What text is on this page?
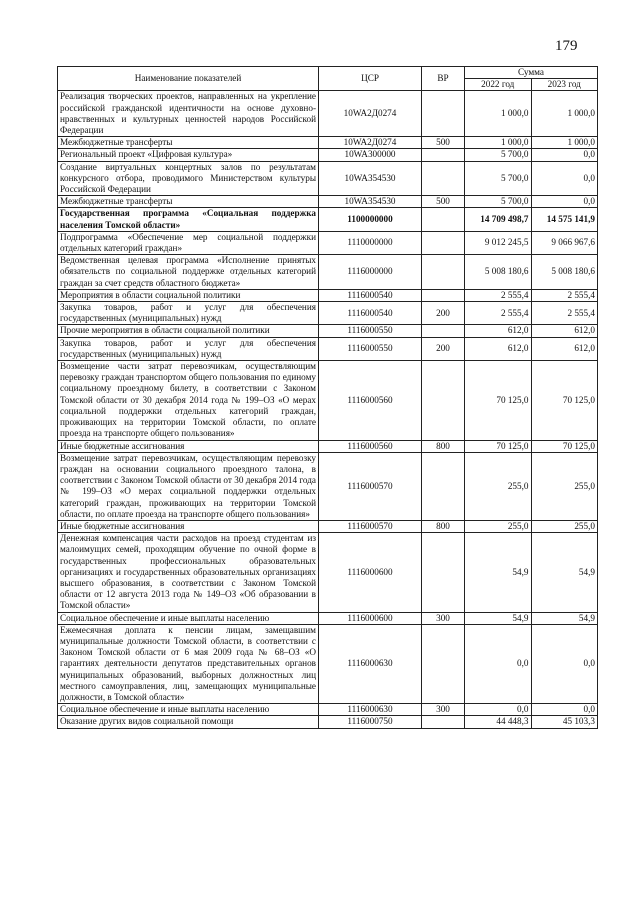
179
Наименование показателей	ЦСР	ВР	Сумма	
			2022 год	2023 год
Реализация творческих проектов, направленных на укрепление российской гражданской идентичности на основе духовно-нравственных и культурных ценностей народов Российской Федерации	10WA2Д0274		1 000,0	1 000,0
Межбюджетные трансферты	10WA2Д0274	500	1 000,0	1 000,0
Региональный проект «Цифровая культура»	10WA300000		5 700,0	0,0
Создание виртуальных концертных залов по результатам конкурсного отбора, проводимого Министерством культуры Российской Федерации	10WA354530		5 700,0	0,0
Межбюджетные трансферты	10WA354530	500	5 700,0	0,0
Государственная программа «Социальная поддержка населения Томской области»	1100000000		14 709 498,7	14 575 141,9
Подпрограмма «Обеспечение мер социальной поддержки отдельных категорий граждан»	1110000000		9 012 245,5	9 066 967,6
Ведомственная целевая программа «Исполнение принятых обязательств по социальной поддержке отдельных категорий граждан за счет средств областного бюджета»	1116000000		5 008 180,6	5 008 180,6
Мероприятия в области социальной политики	1116000540		2 555,4	2 555,4
Закупка товаров, работ и услуг для обеспечения государственных (муниципальных) нужд	1116000540	200	2 555,4	2 555,4
Прочие мероприятия в области социальной политики	1116000550		612,0	612,0
Закупка товаров, работ и услуг для обеспечения государственных (муниципальных) нужд	1116000550	200	612,0	612,0
Возмещение части затрат перевозчикам, осуществляющим перевозку граждан транспортом общего пользования по единому социальному проездному билету, в соответствии с Законом Томской области от 30 декабря 2014 года № 199–ОЗ «О мерах социальной поддержки отдельных категорий граждан, проживающих на территории Томской области, по оплате проезда на транспорте общего пользования»	1116000560		70 125,0	70 125,0
Иные бюджетные ассигнования	1116000560	800	70 125,0	70 125,0
Возмещение затрат перевозчикам, осуществляющим перевозку граждан на основании социального проездного талона, в соответствии с Законом Томской области от 30 декабря 2014 года № 199–ОЗ «О мерах социальной поддержки отдельных категорий граждан, проживающих на территории Томской области, по оплате проезда на транспорте общего пользования»	1116000570		255,0	255,0
Иные бюджетные ассигнования	1116000570	800	255,0	255,0
Денежная компенсация части расходов на проезд студентам из малоимущих семей, проходящим обучение по очной форме в государственных профессиональных образовательных организациях и государственных образовательных организациях высшего образования, в соответствии с Законом Томской области от 12 августа 2013 года № 149–ОЗ «Об образовании в Томской области»	1116000600		54,9	54,9
Социальное обеспечение и иные выплаты населению	1116000600	300	54,9	54,9
Ежемесячная доплата к пенсии лицам, замещавшим муниципальные должности Томской области, в соответствии с Законом Томской области от 6 мая 2009 года № 68–ОЗ «О гарантиях деятельности депутатов представительных органов муниципальных образований, выборных должностных лиц местного самоуправления, лиц, замещающих муниципальные должности, в Томской области»	1116000630		0,0	0,0
Социальное обеспечение и иные выплаты населению	1116000630	300	0,0	0,0
Оказание других видов социальной помощи	1116000750		44 448,3	45 103,3
